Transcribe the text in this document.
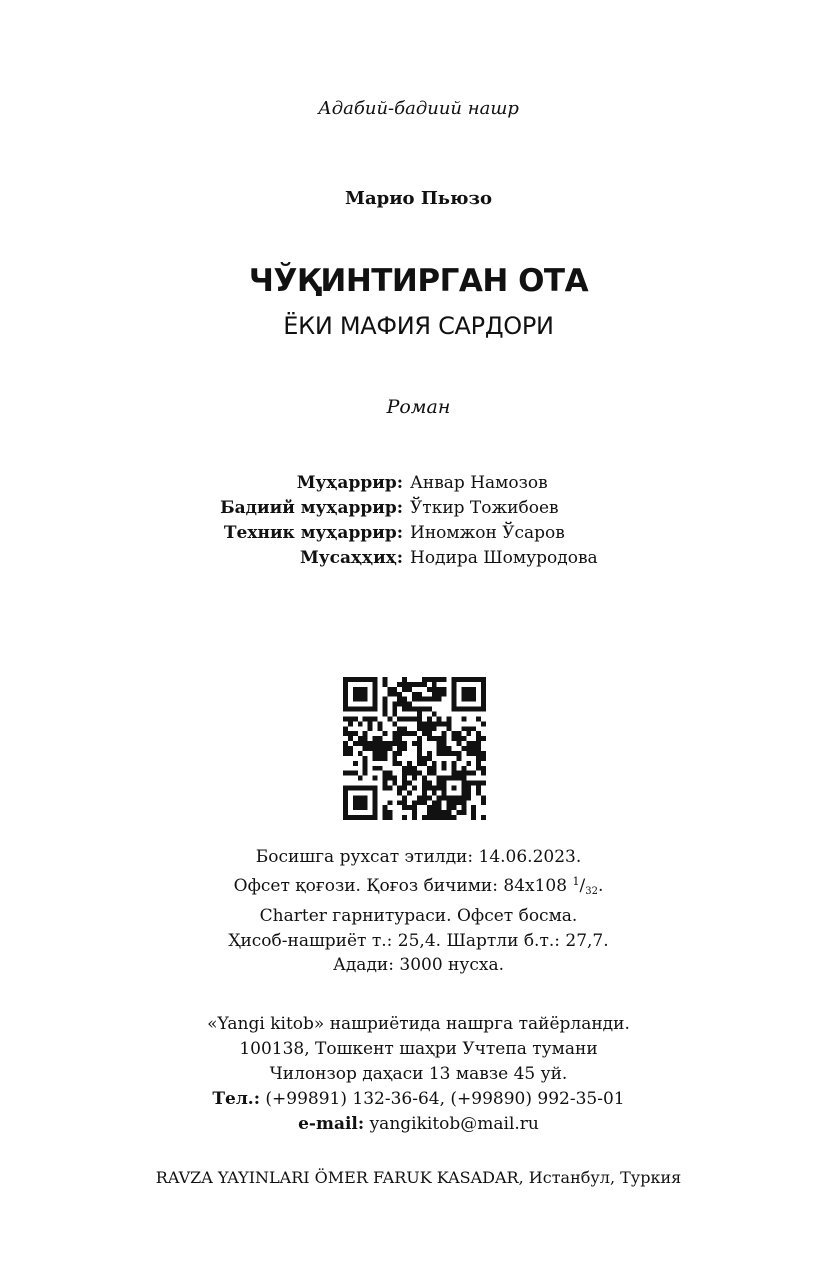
Адабий-бадиий нашр
Марио Пьюзо
ЧЎҚИНТИРГАН ОТА
ЁКИ МАФИЯ САРДОРИ
Роман
Муҳаррир: Анвар Намозов
Бадиий муҳаррир: Ўткир Тожибоев
Техник муҳаррир: Иномжон Ўсаров
Мусаҳҳиҳ: Нодира Шомуродова
Босишга рухсат этилди: 14.06.2023.
Офсет қоғози. Қоғоз бичими: 84х108 $^1/_{32}$.
Charter гарнитураси. Офсет босма.
Ҳисоб-нашриёт т.: 25,4. Шартли б.т.: 27,7.
Адади: 3000 нусха.
«Yangi kitob» нашриётида нашрга тайёрланди.
100138, Тошкент шаҳри Учтепа тумани
Чилонзор даҳаси 13 мавзе 45 уй.
Тел.: (+99891) 132-36-64, (+99890) 992-35-01
e-mail: yangikitob@mail.ru
RAVZA YAYINLARI ÖMER FARUK KASADAR, Истанбул, Туркия
